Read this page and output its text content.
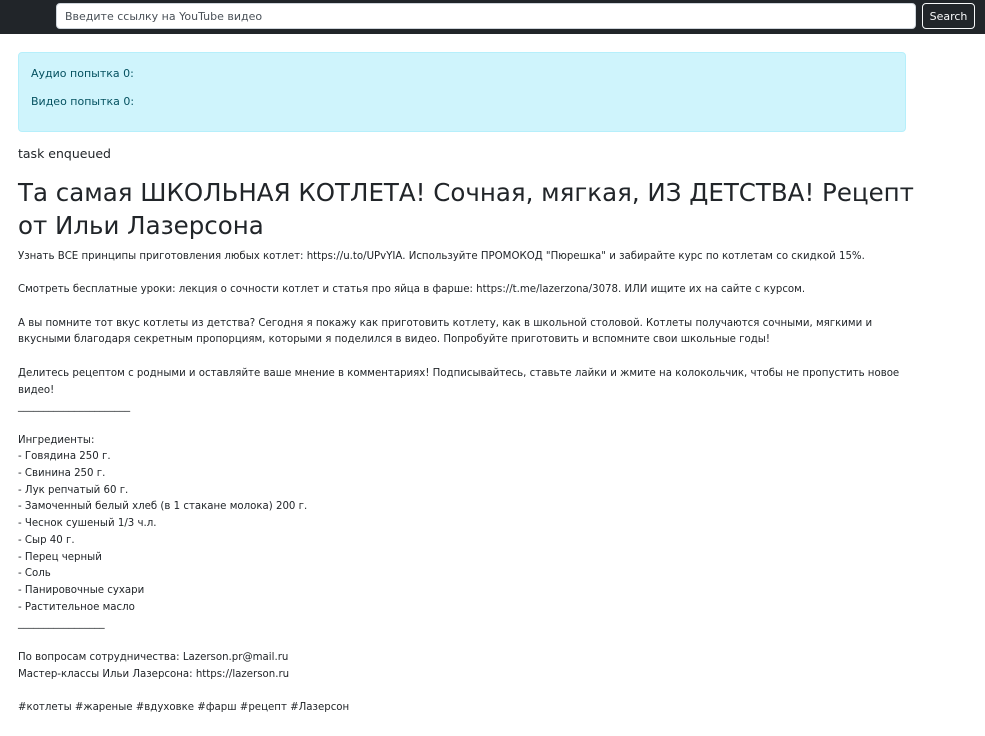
Введите ссылку на YouTube видео
Search
Аудио попытка 0:
Видео попытка 0:
task enqueued
Та самая ШКОЛЬНАЯ КОТЛЕТА! Сочная, мягкая, ИЗ ДЕТСТВА! Рецепт от Ильи Лазерсона
Узнать ВСЕ принципы приготовления любых котлет: https://u.to/UPvYIA. Используйте ПРОМОКОД "Пюрешка" и забирайте курс по котлетам со скидкой 15%.
Смотреть бесплатные уроки: лекция о сочности котлет и статья про яйца в фарше: https://t.me/lazerzona/3078. ИЛИ ищите их на сайте с курсом.
А вы помните тот вкус котлеты из детства? Сегодня я покажу как приготовить котлету, как в школьной столовой. Котлеты получаются сочными, мягкими и
вкусными благодаря секретным пропорциям, которыми я поделился в видео. Попробуйте приготовить и вспомните свои школьные годы!
Делитесь рецептом с родными и оставляйте ваше мнение в комментариях! Подписывайтесь, ставьте лайки и жмите на колокольчик, чтобы не пропустить новое
видео!
______________________
Ингредиенты:
- Говядина 250 г.
- Свинина 250 г.
- Лук репчатый 60 г.
- Замоченный белый хлеб (в 1 стакане молока) 200 г.
- Чеснок сушеный 1/3 ч.л.
- Сыр 40 г.
- Перец черный
- Соль
- Панировочные сухари
- Растительное масло
_________________
По вопросам сотрудничества: Lazerson.pr@mail.ru
Мастер-классы Ильи Лазерсона: https://lazerson.ru
#котлеты #жареные #вдуховке #фарш #рецепт #Лазерсон
